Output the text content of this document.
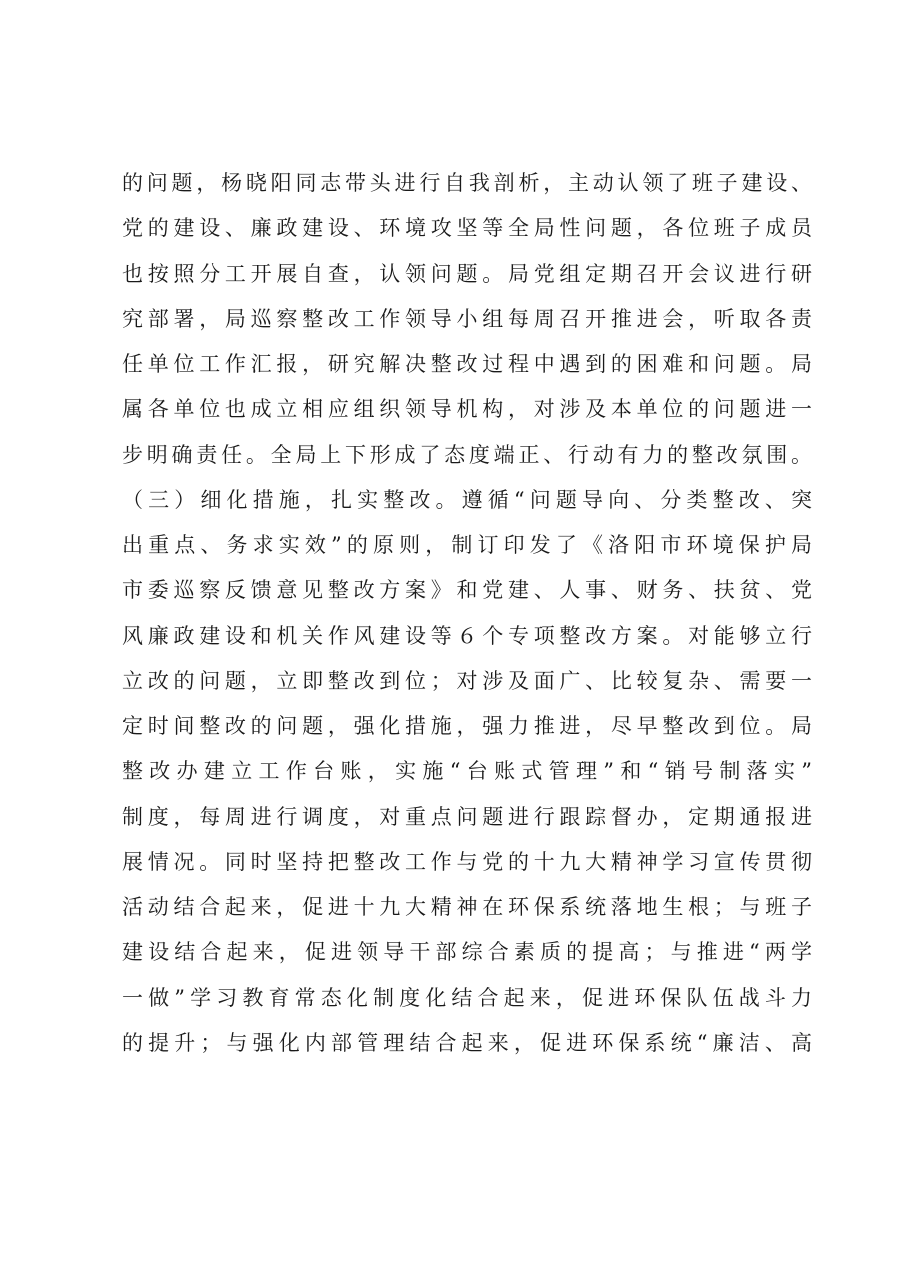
的问题，杨晓阳同志带头进行自我剖析，主动认领了班子建设、
党的建设、廉政建设、环境攻坚等全局性问题，各位班子成员
也按照分工开展自查，认领问题。局党组定期召开会议进行研
究部署，局巡察整改工作领导小组每周召开推进会，听取各责
任单位工作汇报，研究解决整改过程中遇到的困难和问题。局
属各单位也成立相应组织领导机构，对涉及本单位的问题进一
步明确责任。全局上下形成了态度端正、行动有力的整改氛围。
（三）细化措施，扎实整改。遵循“问题导向、分类整改、突
出重点、务求实效”的原则，制订印发了《洛阳市环境保护局
市委巡察反馈意见整改方案》和党建、人事、财务、扶贫、党
风廉政建设和机关作风建设等６个专项整改方案。对能够立行
立改的问题，立即整改到位；对涉及面广、比较复杂、需要一
定时间整改的问题，强化措施，强力推进，尽早整改到位。局
整改办建立工作台账，实施“台账式管理”和“销号制落实”
制度，每周进行调度，对重点问题进行跟踪督办，定期通报进
展情况。同时坚持把整改工作与党的十九大精神学习宣传贯彻
活动结合起来，促进十九大精神在环保系统落地生根；与班子
建设结合起来，促进领导干部综合素质的提高；与推进“两学
一做”学习教育常态化制度化结合起来，促进环保队伍战斗力
的提升；与强化内部管理结合起来，促进环保系统“廉洁、高
